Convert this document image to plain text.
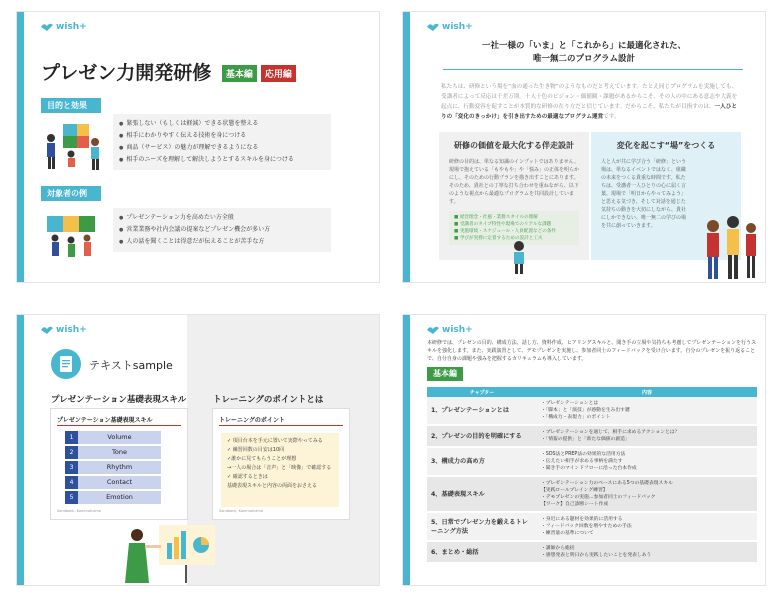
wish+
プレゼン力開発研修 基本編 応用編
目的と効果
● 緊張しない（もしくは軽減）できる状態を整える
● 相手にわかりやすく伝える技術を身につける
● 商品（サービス）の魅力が理解できるようになる
● 相手のニーズを理解して解決しようとするスキルを身につける
対象者の例
● プレゼンテーション力を高めたい方全般
● 営業業務や社内会議の提案などプレゼン機会が多い方
● 人の話を聞くことは得意だが伝えることが苦手な方
wish+
一社一様の「いま」と「これから」に最適化された、
唯一無二のプログラム設計
私たちは、研修という場を“血の通った生き物”のようなものだと考えています。たとえ同じプログラムを実施しても、受講者によって反応は千差万別。十人十色のビジョン・価値観・課題があるからこそ、その人の中にある意志や大義を起点に、行動変容を促すことが本質的な研修の在り方だと信じています。だからこそ、私たちが目指すのは、一人ひとりの「変化のきっかけ」を引き出すための最適なプログラム運営です。
研修の価値を最大化する伴走設計

研修の目的は、単なる知識のインプットではありません。現場で抱えている「もやもや」や「悩み」の正体を明らかにし、そのための行動プランを描き出すことにあります。そのため、貴社との丁寧な打ち合わせを重ねながら、以下のような視点から最適なプログラムを共同設計しています。

■ 経営理念・社風・業務スタイルの理解
■ 受講者のタイプ特性や現場でのリアルな課題
■ 実施環境・スケジュール・人員配置などの条件
■ 学びが実務に定着するための設計と工夫
変化を起こす“場”をつくる

人と人が共に学び合う「研修」という場は、単なるイベントではなく、組織の未来をつくる貴重な時間です。私たちは、受講者一人ひとりの心に届く言葉、現場で「明日からやってみよう」と思える気づき、そして対話を通じた気持ちの動きを大切にしながら、貴社にしかできない、唯一無二の学びの場を共に創っていきます。

wish+
テキストsample
プレゼンテーション基礎表現スキル	トレーニングのポイントとは
プレゼンテーション基礎表現スキル
1	Volume
2	Tone
3	Rhythm
4	Contact
5	Emotion
Sandbank, Kammahuima
トレーニングのポイント
✓ 項目台本を手元に置いて実際やってみる
✓ 練習回数の目安は10回
✓誰かに見てもらうことが理想
→一人の場合は「音声」と「映像」で確認する
✓ 確認するときは
基礎表現スキルと内容の両面をおさえる
Sandbank, Kammahuima
wish+
本研修では、プレゼンの目的、構成方法、話し方、資料作成、ヒアリングスキルと、聞き手の立場や気持ちも考慮してプレゼンテーションを行うスキルを強化します。また、実践演習として、デモプレゼンを実施し、参加者同士のフィードバックを受け合います。自分のプレゼンを振り返ることで、自分自身の課題や強みを把握するカリキュラムも導入しています。
基本編
チャプター	内容
1、プレゼンテーションとは	・プレゼンテーションとは
・「脚本」と「演技」が感動を生み出す鍵
・「構成力・表現力」のポイント
2、プレゼンの目的を明確にする	・プレゼンテーションを通じて、相手に求めるアクションとは？
・「情報の提供」と「新たな価値の創造」
3、構成力の高め方	・SDS法とPREP法の効果的な活用方法
・伝えたい相手が求める事柄を満たす
・聞き手のマインドフローに沿った台本作成
4、基礎表現スキル	・プレゼンテーション力のベースにある5つの基礎表現スキル
【実践ロールプレイング練習】
・デモプレゼンの実施…参加者同士のフィードバック
【ワーク】自己診断シート作成
5、日常でプレゼン力を鍛えるトレーニング方法	・身近にある題材を効果的に活用する
・フィードバック回数を増やすための手法
・練習量の基準について
6、まとめ・総括	・講師から総括
・感想発表と明日から実践したいことを発表しあう
